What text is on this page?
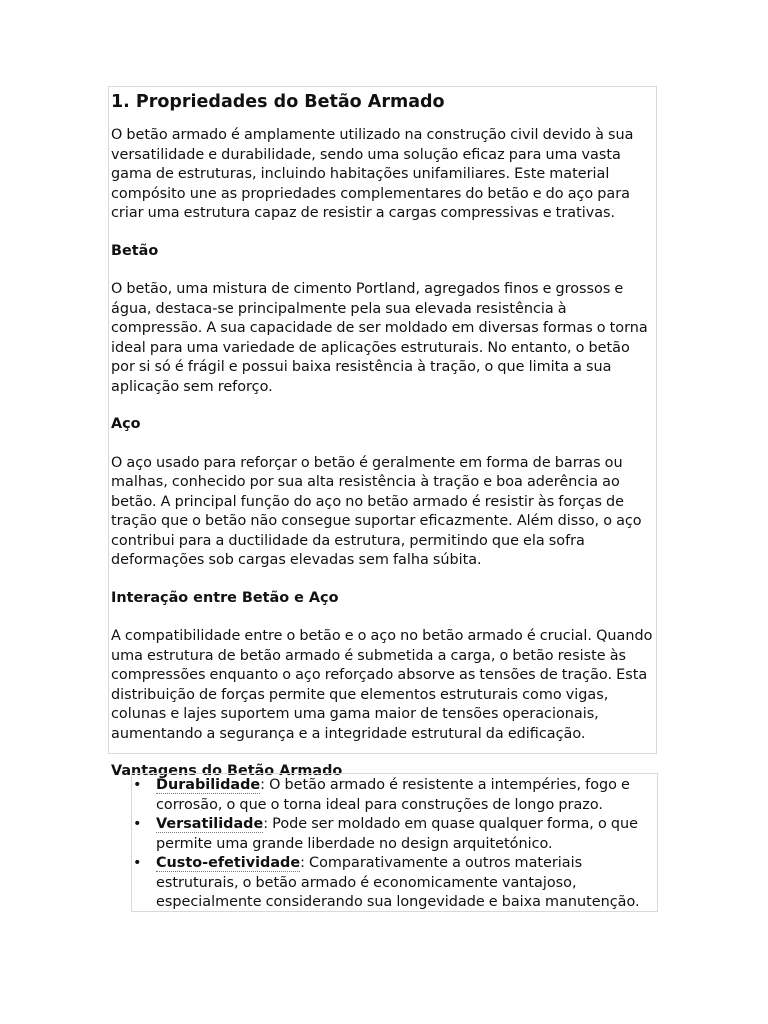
1. Propriedades do Betão Armado

O betão armado é amplamente utilizado na construção civil devido à sua versatilidade e durabilidade, sendo uma solução eficaz para uma vasta gama de estruturas, incluindo habitações unifamiliares. Este material compósito une as propriedades complementares do betão e do aço para criar uma estrutura capaz de resistir a cargas compressivas e trativas.

Betão

O betão, uma mistura de cimento Portland, agregados finos e grossos e água, destaca-se principalmente pela sua elevada resistência à compressão. A sua capacidade de ser moldado em diversas formas o torna ideal para uma variedade de aplicações estruturais. No entanto, o betão por si só é frágil e possui baixa resistência à tração, o que limita a sua aplicação sem reforço.

Aço

O aço usado para reforçar o betão é geralmente em forma de barras ou malhas, conhecido por sua alta resistência à tração e boa aderência ao betão. A principal função do aço no betão armado é resistir às forças de tração que o betão não consegue suportar eficazmente. Além disso, o aço contribui para a ductilidade da estrutura, permitindo que ela sofra deformações sob cargas elevadas sem falha súbita.

Interação entre Betão e Aço

A compatibilidade entre o betão e o aço no betão armado é crucial. Quando uma estrutura de betão armado é submetida a carga, o betão resiste às compressões enquanto o aço reforçado absorve as tensões de tração. Esta distribuição de forças permite que elementos estruturais como vigas, colunas e lajes suportem uma gama maior de tensões operacionais, aumentando a segurança e a integridade estrutural da edificação.

Vantagens do Betão Armado
• Durabilidade: O betão armado é resistente a intempéries, fogo e corrosão, o que o torna ideal para construções de longo prazo.
• Versatilidade: Pode ser moldado em quase qualquer forma, o que permite uma grande liberdade no design arquitetónico.
• Custo-efetividade: Comparativamente a outros materiais estruturais, o betão armado é economicamente vantajoso, especialmente considerando sua longevidade e baixa manutenção.
